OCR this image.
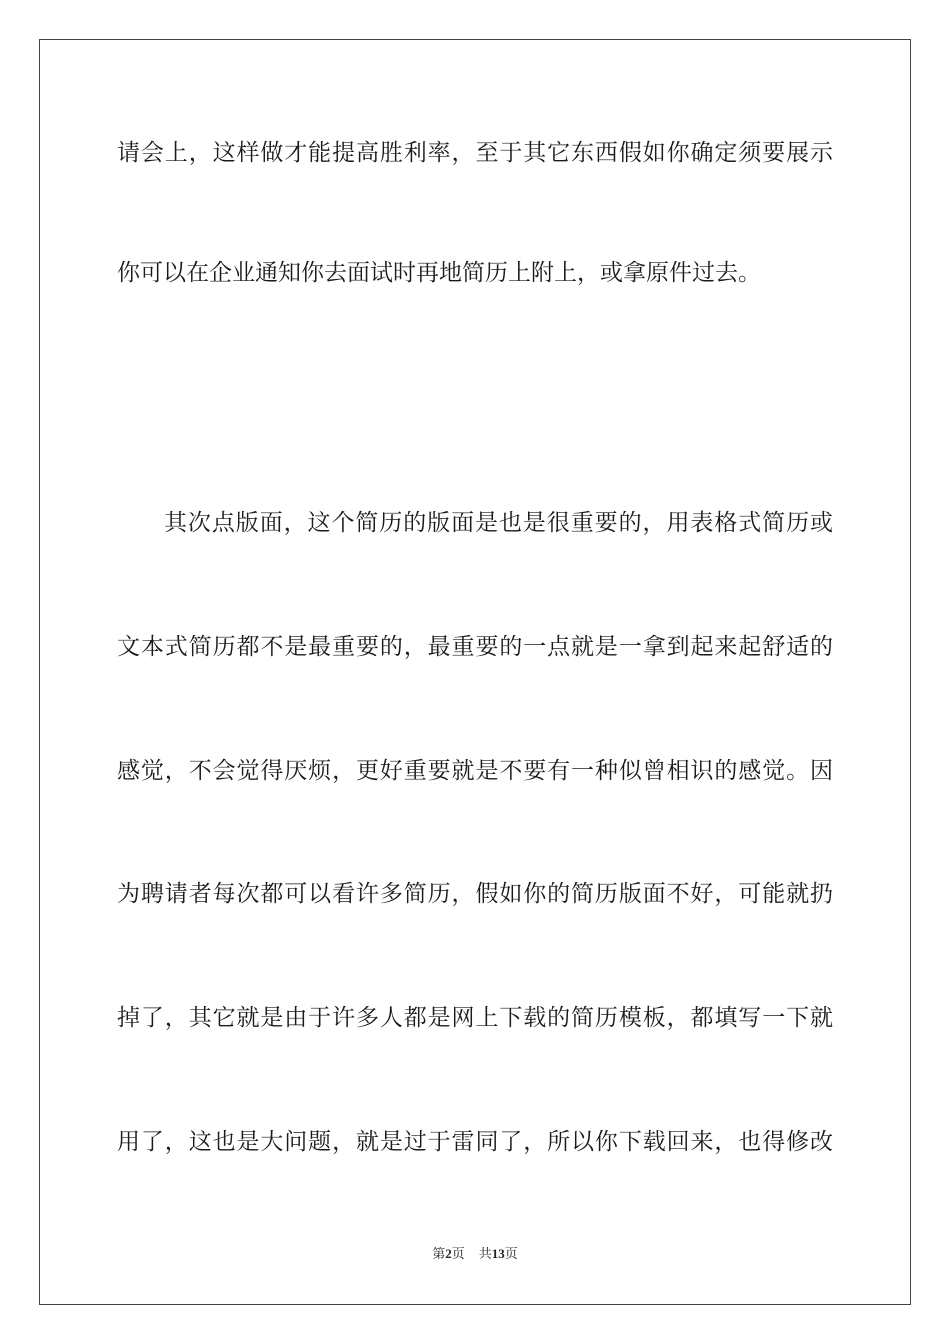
请会上，这样做才能提高胜利率，至于其它东西假如你确定须要展示
你可以在企业通知你去面试时再地简历上附上，或拿原件过去。
其次点版面，这个简历的版面是也是很重要的，用表格式简历或
文本式简历都不是最重要的，最重要的一点就是一拿到起来起舒适的
感觉，不会觉得厌烦，更好重要就是不要有一种似曾相识的感觉。因
为聘请者每次都可以看许多简历，假如你的简历版面不好，可能就扔
掉了，其它就是由于许多人都是网上下载的简历模板，都填写一下就
用了，这也是大问题，就是过于雷同了，所以你下载回来，也得修改
第2页 共13页
